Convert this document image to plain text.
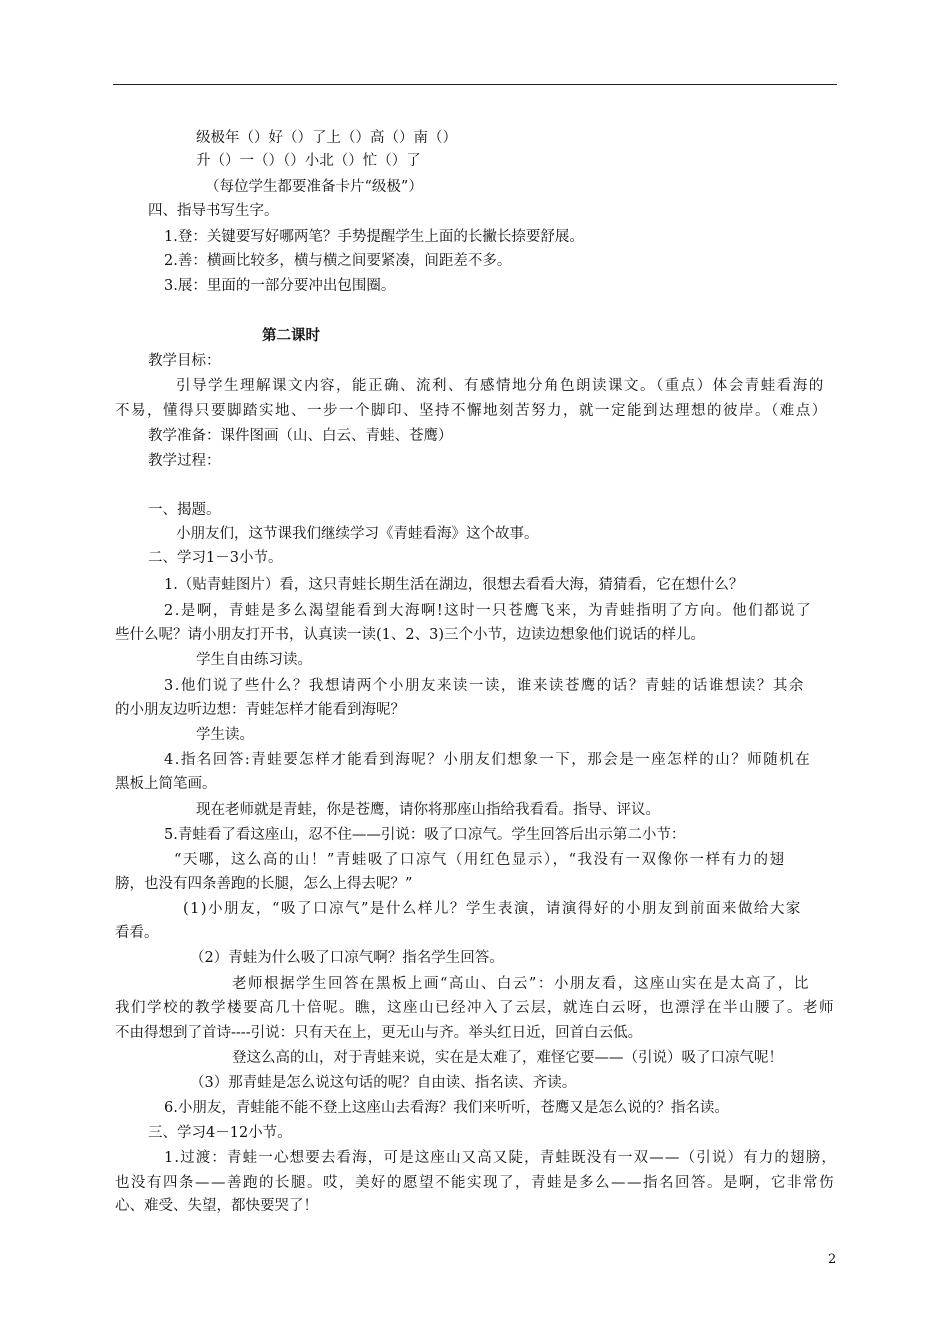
级极年（）好（）了上（）高（）南（）
升（）一（）（）小北（）忙（）了
（每位学生都要准备卡片“级极”）
四、指导书写生字。
1.登：关键要写好哪两笔？手势提醒学生上面的长撇长捺要舒展。
2.善：横画比较多，横与横之间要紧凑，间距差不多。
3.展：里面的一部分要冲出包围圈。
第二课时
教学目标：
引导学生理解课文内容，能正确、流利、有感情地分角色朗读课文。（重点）体会青蛙看海的
不易，懂得只要脚踏实地、一步一个脚印、坚持不懈地刻苦努力，就一定能到达理想的彼岸。（难点）
教学准备：课件图画（山、白云、青蛙、苍鹰）
教学过程：
一、揭题。
小朋友们，这节课我们继续学习《青蛙看海》这个故事。
二、学习1－3小节。
1.（贴青蛙图片）看，这只青蛙长期生活在湖边，很想去看看大海，猜猜看，它在想什么？
2.是啊，青蛙是多么渴望能看到大海啊!这时一只苍鹰飞来，为青蛙指明了方向。他们都说了
些什么呢？请小朋友打开书，认真读一读(1、2、3)三个小节，边读边想象他们说话的样儿。
学生自由练习读。
3.他们说了些什么？我想请两个小朋友来读一读，谁来读苍鹰的话？青蛙的话谁想读？其余
的小朋友边听边想：青蛙怎样才能看到海呢？
学生读。
4.指名回答:青蛙要怎样才能看到海呢？小朋友们想象一下，那会是一座怎样的山？师随机在
黑板上简笔画。
现在老师就是青蛙，你是苍鹰，请你将那座山指给我看看。指导、评议。
5.青蛙看了看这座山，忍不住——引说：吸了口凉气。学生回答后出示第二小节：
“天哪，这么高的山！”青蛙吸了口凉气（用红色显示），“我没有一双像你一样有力的翅
膀，也没有四条善跑的长腿，怎么上得去呢？”
(1)小朋友，“吸了口凉气”是什么样儿？学生表演，请演得好的小朋友到前面来做给大家
看看。
（2）青蛙为什么吸了口凉气啊？指名学生回答。
老师根据学生回答在黑板上画“高山、白云”：小朋友看，这座山实在是太高了，比
我们学校的教学楼要高几十倍呢。瞧，这座山已经冲入了云层，就连白云呀，也漂浮在半山腰了。老师
不由得想到了首诗----引说：只有天在上，更无山与齐。举头红日近，回首白云低。
登这么高的山，对于青蛙来说，实在是太难了，难怪它要——（引说）吸了口凉气呢！
（3）那青蛙是怎么说这句话的呢？自由读、指名读、齐读。
6.小朋友，青蛙能不能不登上这座山去看海？我们来听听，苍鹰又是怎么说的？指名读。
三、学习4－12小节。
1.过渡：青蛙一心想要去看海，可是这座山又高又陡，青蛙既没有一双——（引说）有力的翅膀，
也没有四条——善跑的长腿。哎，美好的愿望不能实现了，青蛙是多么——指名回答。是啊，它非常伤
心、难受、失望，都快要哭了！
2
